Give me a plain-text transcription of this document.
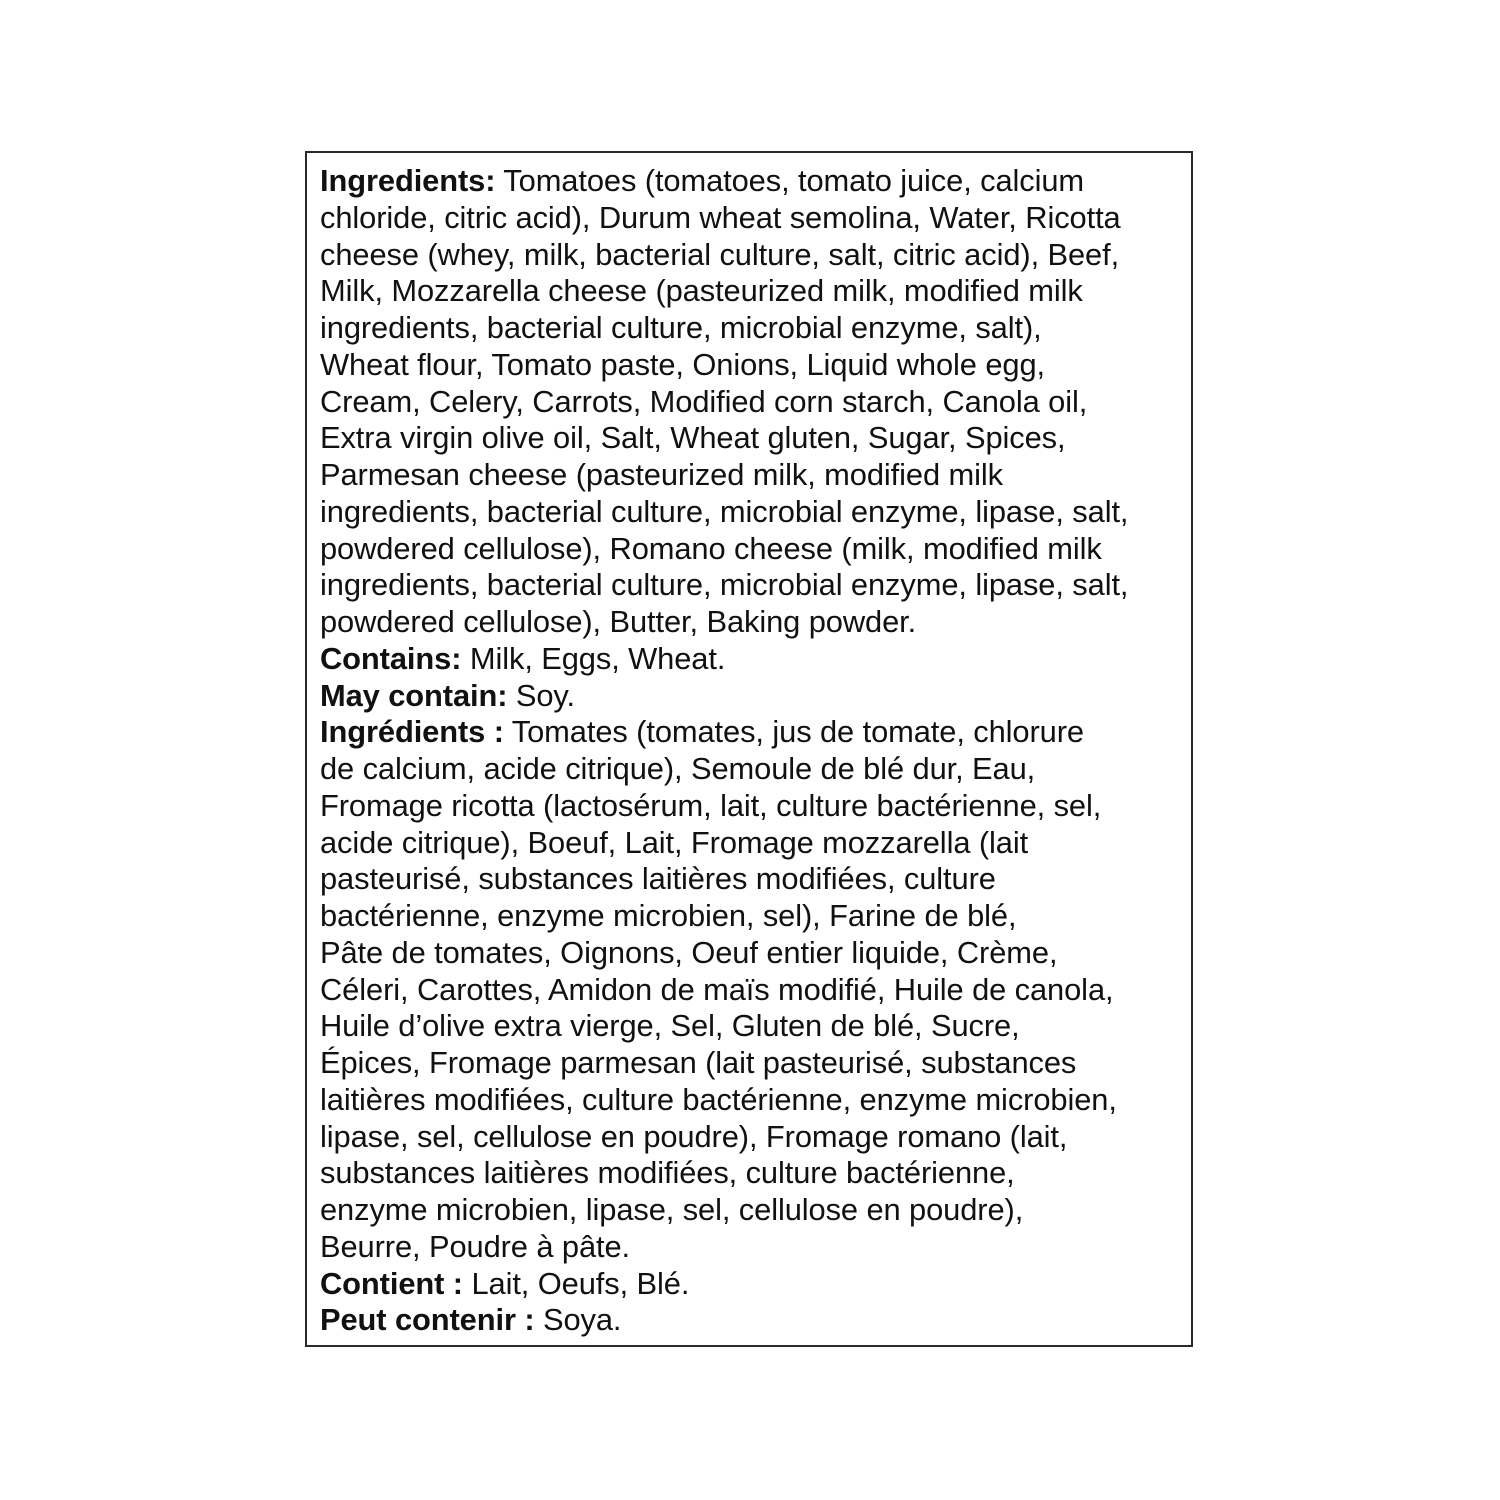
Ingredients: Tomatoes (tomatoes, tomato juice, calcium
chloride, citric acid), Durum wheat semolina, Water, Ricotta
cheese (whey, milk, bacterial culture, salt, citric acid), Beef,
Milk, Mozzarella cheese (pasteurized milk, modified milk
ingredients, bacterial culture, microbial enzyme, salt),
Wheat flour, Tomato paste, Onions, Liquid whole egg,
Cream, Celery, Carrots, Modified corn starch, Canola oil,
Extra virgin olive oil, Salt, Wheat gluten, Sugar, Spices,
Parmesan cheese (pasteurized milk, modified milk
ingredients, bacterial culture, microbial enzyme, lipase, salt,
powdered cellulose), Romano cheese (milk, modified milk
ingredients, bacterial culture, microbial enzyme, lipase, salt,
powdered cellulose), Butter, Baking powder.
Contains: Milk, Eggs, Wheat.
May contain: Soy.
Ingrédients : Tomates (tomates, jus de tomate, chlorure
de calcium, acide citrique), Semoule de blé dur, Eau,
Fromage ricotta (lactosérum, lait, culture bactérienne, sel,
acide citrique), Boeuf, Lait, Fromage mozzarella (lait
pasteurisé, substances laitières modifiées, culture
bactérienne, enzyme microbien, sel), Farine de blé,
Pâte de tomates, Oignons, Oeuf entier liquide, Crème,
Céleri, Carottes, Amidon de maïs modifié, Huile de canola,
Huile d’olive extra vierge, Sel, Gluten de blé, Sucre,
Épices, Fromage parmesan (lait pasteurisé, substances
laitières modifiées, culture bactérienne, enzyme microbien,
lipase, sel, cellulose en poudre), Fromage romano (lait,
substances laitières modifiées, culture bactérienne,
enzyme microbien, lipase, sel, cellulose en poudre),
Beurre, Poudre à pâte.
Contient : Lait, Oeufs, Blé.
Peut contenir : Soya.
